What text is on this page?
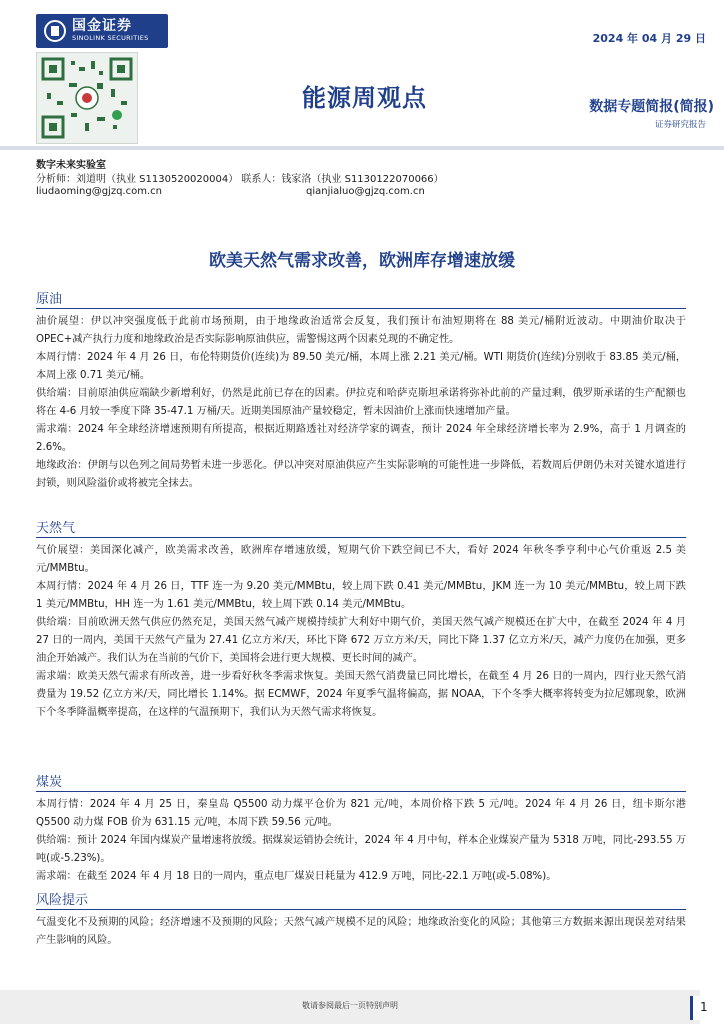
国金证券
SINOLINK SECURITIES	2024 年 04 月 29 日
能源周观点	数据专题简报(简报)
证券研究报告
数字未来实验室
分析师：刘道明（执业 S1130520020004） 联系人：钱家洛（执业 S1130122070066）
liudaoming@gjzq.com.cn	qianjialuo@gjzq.com.cn
欧美天然气需求改善，欧洲库存增速放缓
原油

油价展望：伊以冲突强度低于此前市场预期，由于地缘政治适常会反复，我们预计布油短期将在 88 美元/桶附近波动。中期油价取决于 OPEC+减产执行力度和地缘政治是否实际影响原油供应，需警惕这两个因素兑现的不确定性。

本周行情：2024 年 4 月 26 日，布伦特期货价(连续)为 89.50 美元/桶，本周上涨 2.21 美元/桶。WTI 期货价(连续)分别收于 83.85 美元/桶，本周上涨 0.71 美元/桶。

供给端：目前原油供应端缺少新增利好，仍然是此前已存在的因素。伊拉克和哈萨克斯坦承诺将弥补此前的产量过剩，俄罗斯承诺的生产配额也将在 4-6 月较一季度下降 35-47.1 万桶/天。近期美国原油产量较稳定，暂未因油价上涨而快速增加产量。

需求端：2024 年全球经济增速预期有所提高，根据近期路透社对经济学家的调查，预计 2024 年全球经济增长率为 2.9%，高于 1 月调查的 2.6%。

地缘政治：伊朗与以色列之间局势暂未进一步恶化。伊以冲突对原油供应产生实际影响的可能性进一步降低，若数周后伊朗仍未对关键水道进行封锁，则风险溢价或将被完全抹去。

天然气

气价展望：美国深化减产，欧美需求改善，欧洲库存增速放缓，短期气价下跌空间已不大，看好 2024 年秋冬季亨利中心气价重返 2.5 美元/MMBtu。

本周行情：2024 年 4 月 26 日，TTF 连一为 9.20 美元/MMBtu，较上周下跌 0.41 美元/MMBtu，JKM 连一为 10 美元/MMBtu，较上周下跌 1 美元/MMBtu，HH 连一为 1.61 美元/MMBtu，较上周下跌 0.14 美元/MMBtu。

供给端：目前欧洲天然气供应仍然充足，美国天然气减产规模持续扩大利好中期气价，美国天然气减产规模还在扩大中，在截至 2024 年 4 月 27 日的一周内，美国干天然气产量为 27.41 亿立方米/天，环比下降 672 万立方米/天，同比下降 1.37 亿立方米/天，减产力度仍在加强，更多油企开始减产。我们认为在当前的气价下，美国将会进行更大规模、更长时间的减产。

需求端：欧美天然气需求有所改善，进一步看好秋冬季需求恢复。美国天然气消费量已同比增长，在截至 4 月 26 日的一周内，四行业天然气消费量为 19.52 亿立方米/天，同比增长 1.14%。据 ECMWF，2024 年夏季气温将偏高，据 NOAA，下个冬季大概率将转变为拉尼娜现象，欧洲下个冬季降温概率提高，在这样的气温预期下，我们认为天然气需求将恢复。

煤炭

本周行情：2024 年 4 月 25 日，秦皇岛 Q5500 动力煤平仓价为 821 元/吨，本周价格下跌 5 元/吨。2024 年 4 月 26 日，纽卡斯尔港 Q5500 动力煤 FOB 价为 631.15 元/吨，本周下跌 59.56 元/吨。

供给端：预计 2024 年国内煤炭产量增速将放缓。据煤炭运销协会统计，2024 年 4 月中旬，样本企业煤炭产量为 5318 万吨，同比-293.55 万吨(或-5.23%)。

需求端：在截至 2024 年 4 月 18 日的一周内，重点电厂煤炭日耗量为 412.9 万吨，同比-22.1 万吨(或-5.08%)。

风险提示

气温变化不及预期的风险；经济增速不及预期的风险；天然气减产规模不足的风险；地缘政治变化的风险；其他第三方数据来源出现误差对结果产生影响的风险。

敬请参阅最后一页特别声明	1
